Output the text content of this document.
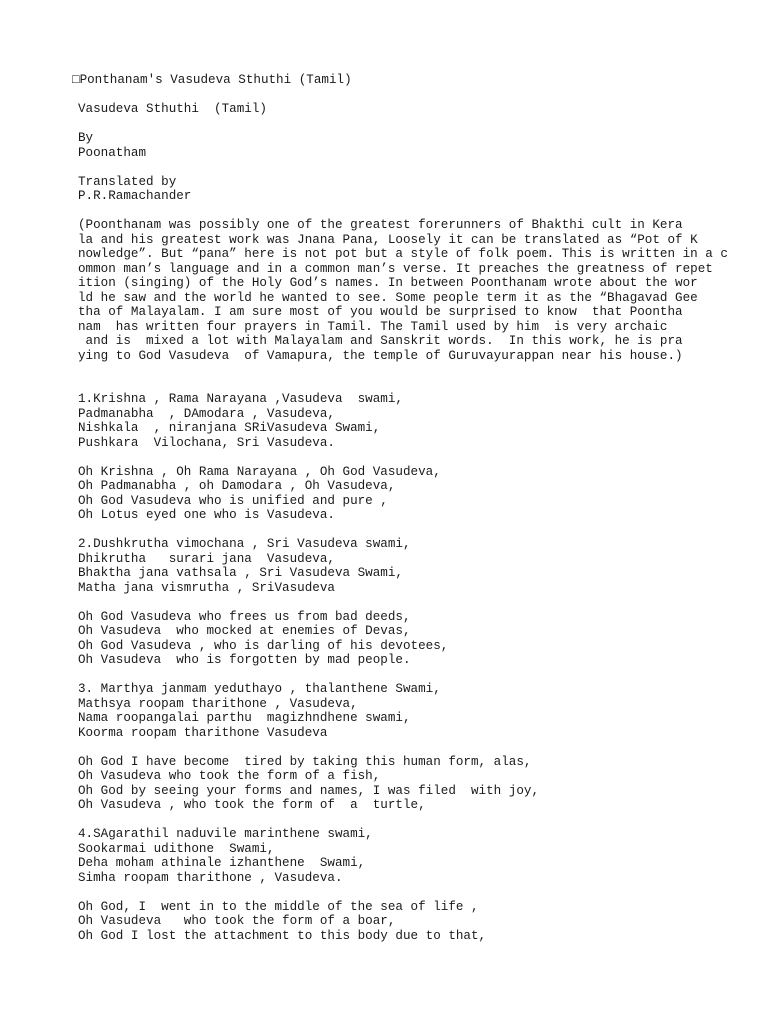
□Ponthanam's Vasudeva Sthuthi (Tamil)
Vasudeva Sthuthi  (Tamil)
By
Poonatham
Translated by
P.R.Ramachander
(Poonthanam was possibly one of the greatest forerunners of Bhakthi cult in Kera
la and his greatest work was Jnana Pana, Loosely it can be translated as “Pot of K
nowledge”. But “pana” here is not pot but a style of folk poem. This is written in a c
ommon man’s language and in a common man’s verse. It preaches the greatness of repet
ition (singing) of the Holy God’s names. In between Poonthanam wrote about the wor
ld he saw and the world he wanted to see. Some people term it as the “Bhagavad Gee
tha of Malayalam. I am sure most of you would be surprised to know  that Poontha
nam  has written four prayers in Tamil. The Tamil used by him  is very archaic
and is  mixed a lot with Malayalam and Sanskrit words.  In this work, he is pra
ying to God Vasudeva  of Vamapura, the temple of Guruvayurappan near his house.)
1.Krishna , Rama Narayana ,Vasudeva  swami,
Padmanabha  , DAmodara , Vasudeva,
Nishkala  , niranjana SRiVasudeva Swami,
Pushkara  Vilochana, Sri Vasudeva.
Oh Krishna , Oh Rama Narayana , Oh God Vasudeva,
Oh Padmanabha , oh Damodara , Oh Vasudeva,
Oh God Vasudeva who is unified and pure ,
Oh Lotus eyed one who is Vasudeva.
2.Dushkrutha vimochana , Sri Vasudeva swami,
Dhikrutha   surari jana  Vasudeva,
Bhaktha jana vathsala , Sri Vasudeva Swami,
Matha jana vismrutha , SriVasudeva
Oh God Vasudeva who frees us from bad deeds,
Oh Vasudeva  who mocked at enemies of Devas,
Oh God Vasudeva , who is darling of his devotees,
Oh Vasudeva  who is forgotten by mad people.
3. Marthya janmam yeduthayo , thalanthene Swami,
Mathsya roopam tharithone , Vasudeva,
Nama roopangalai parthu  magizhndhene swami,
Koorma roopam tharithone Vasudeva
Oh God I have become  tired by taking this human form, alas,
Oh Vasudeva who took the form of a fish,
Oh God by seeing your forms and names, I was filed  with joy,
Oh Vasudeva , who took the form of  a  turtle,
4.SAgarathil naduvile marinthene swami,
Sookarmai udithone  Swami,
Deha moham athinale izhanthene  Swami,
Simha roopam tharithone , Vasudeva.
Oh God, I  went in to the middle of the sea of life ,
Oh Vasudeva   who took the form of a boar,
Oh God I lost the attachment to this body due to that,
